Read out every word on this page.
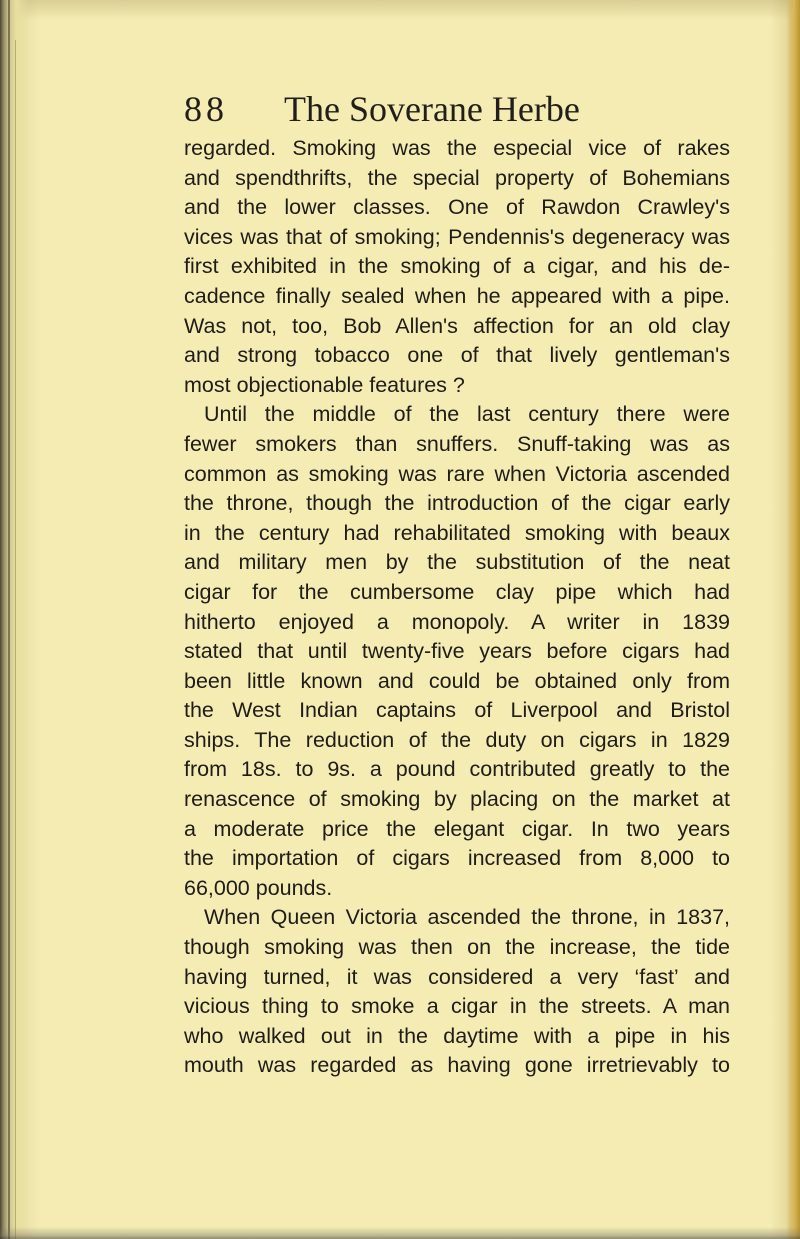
88 The Soverane Herbe
regarded. Smoking was the especial vice of rakes
and spendthrifts, the special property of Bohemians
and the lower classes. One of Rawdon Crawley's
vices was that of smoking; Pendennis's degeneracy was
first exhibited in the smoking of a cigar, and his de-
cadence finally sealed when he appeared with a pipe.
Was not, too, Bob Allen's affection for an old clay
and strong tobacco one of that lively gentleman's
most objectionable features ?
Until the middle of the last century there were
fewer smokers than snuffers. Snuff-taking was as
common as smoking was rare when Victoria ascended
the throne, though the introduction of the cigar early
in the century had rehabilitated smoking with beaux
and military men by the substitution of the neat
cigar for the cumbersome clay pipe which had
hitherto enjoyed a monopoly. A writer in 1839
stated that until twenty-five years before cigars had
been little known and could be obtained only from
the West Indian captains of Liverpool and Bristol
ships. The reduction of the duty on cigars in 1829
from 18s. to 9s. a pound contributed greatly to the
renascence of smoking by placing on the market at
a moderate price the elegant cigar. In two years
the importation of cigars increased from 8,000 to
66,000 pounds.
When Queen Victoria ascended the throne, in 1837,
though smoking was then on the increase, the tide
having turned, it was considered a very ‘fast’ and
vicious thing to smoke a cigar in the streets. A man
who walked out in the daytime with a pipe in his
mouth was regarded as having gone irretrievably to
